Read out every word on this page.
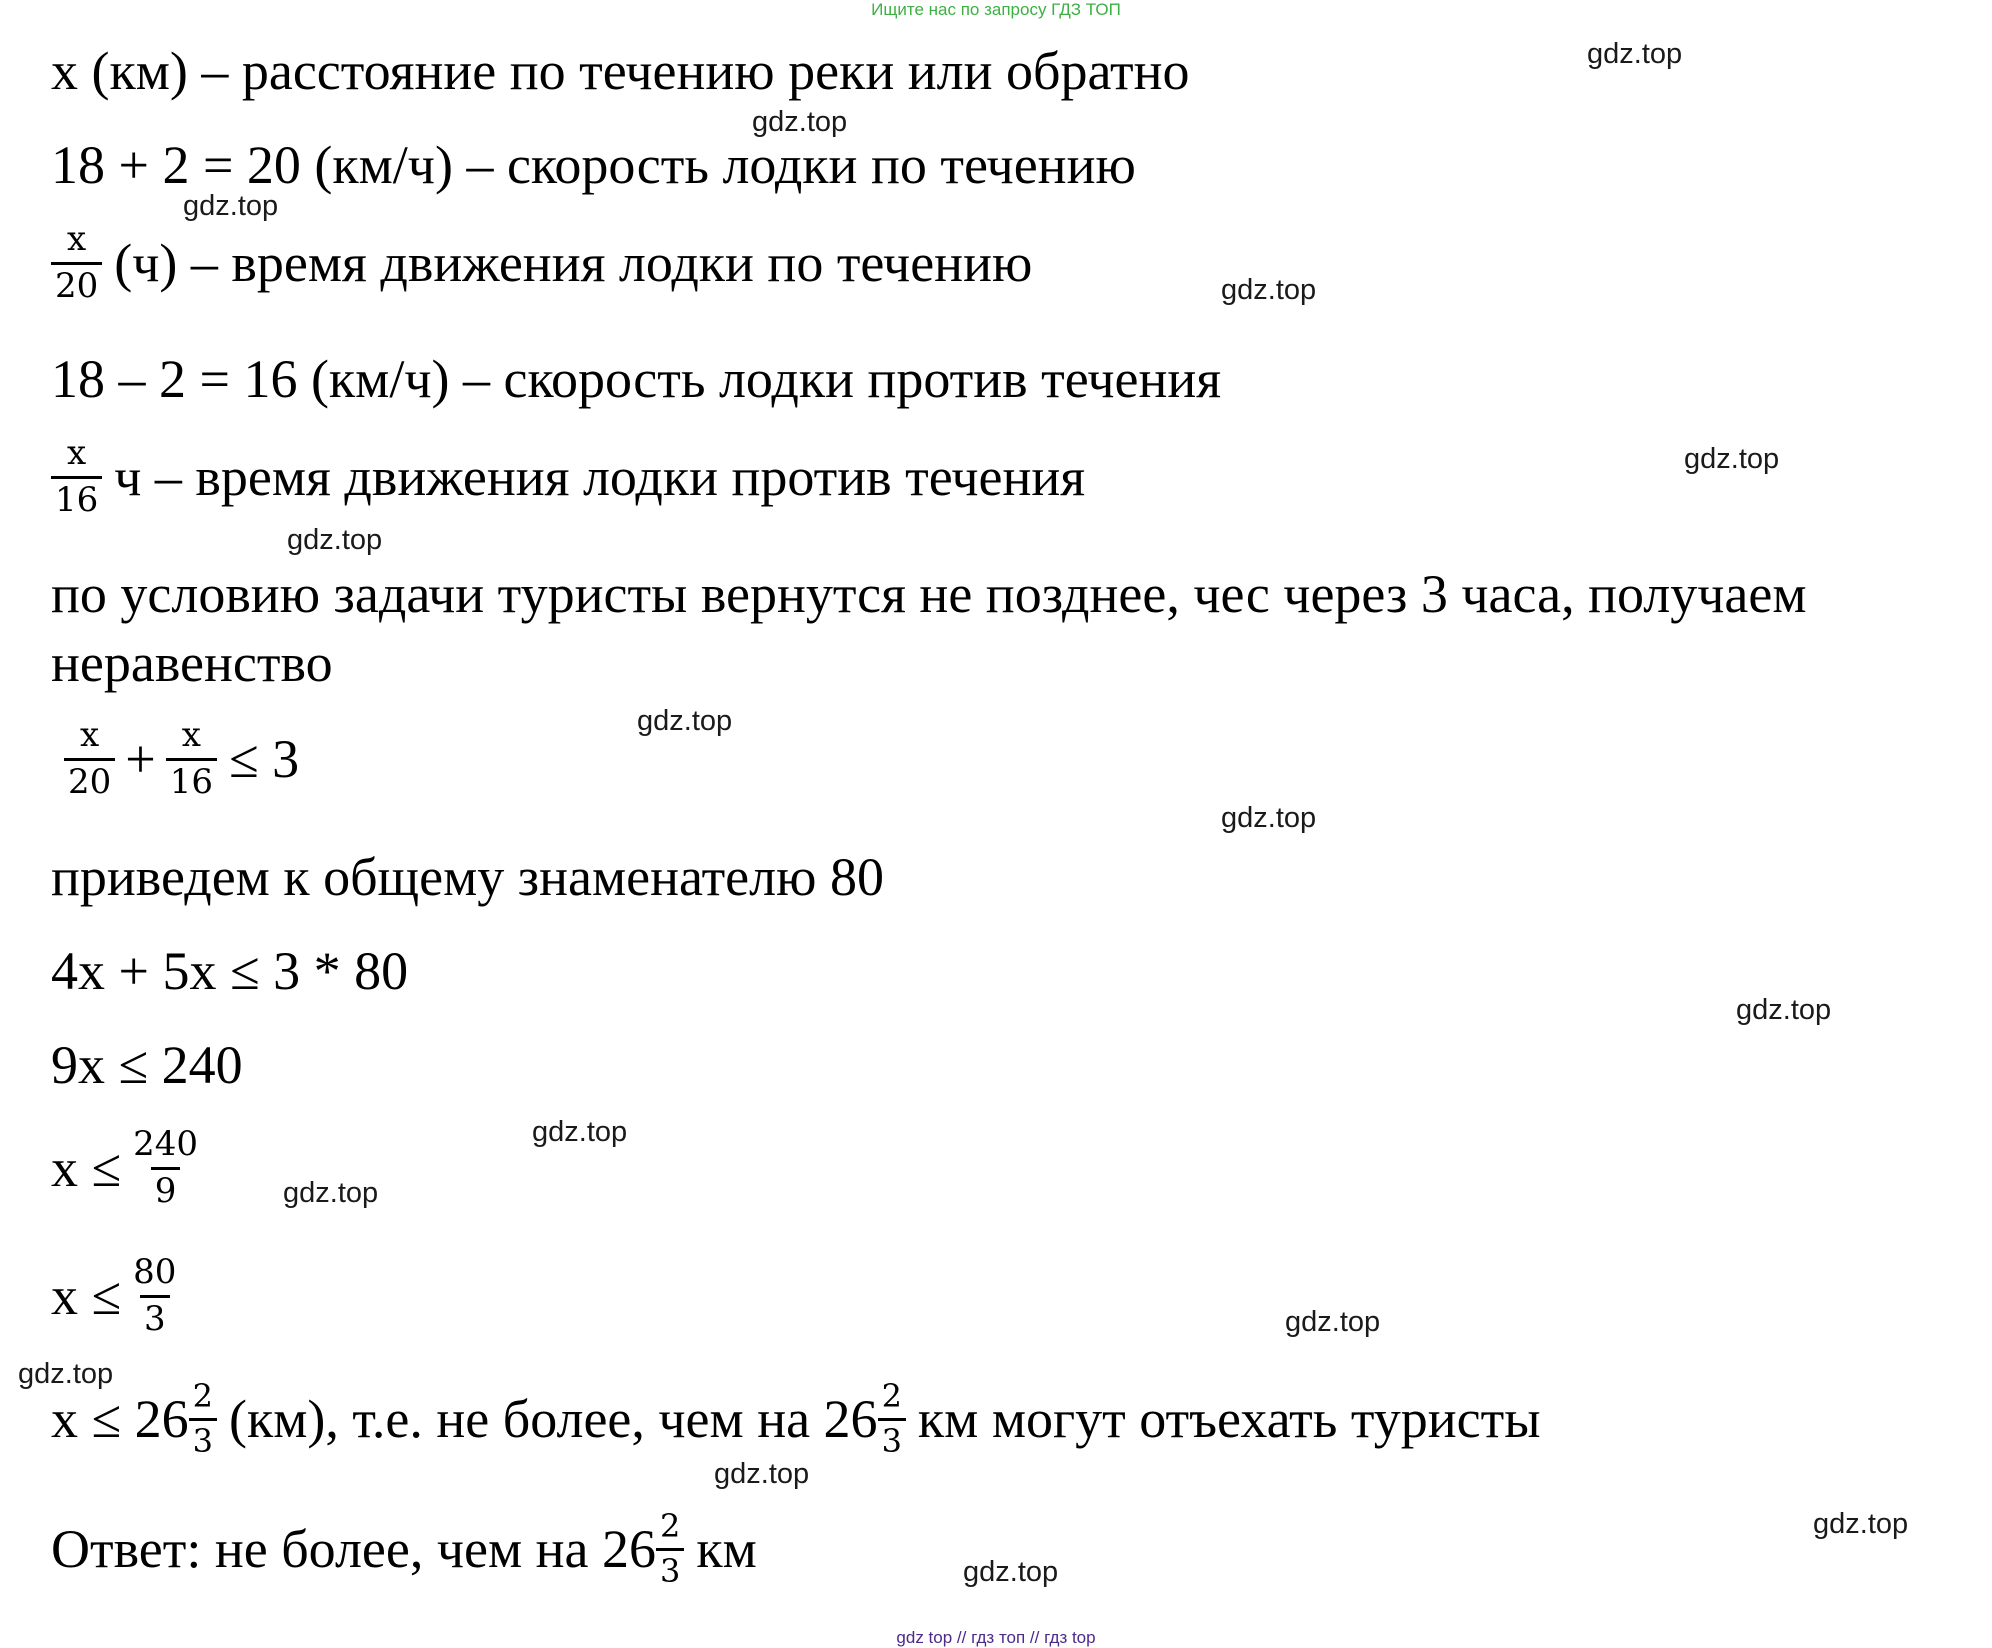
Ищите нас по запросу ГДЗ ТОП
x (км) – расстояние по течению реки или обратно
18 + 2 = 20 (км/ч) – скорость лодки по течению
$\frac{x}{20} (ч)$ – время движения лодки по течению
18 – 2 = 16 (км/ч) – скорость лодки против течения
$\frac{x}{16}$ ч – время движения лодки против течения
по условию задачи туристы вернутся не позднее, чес через 3 часа, получаем
неравенство
$\frac{x}{20} + \frac{x}{16} \le 3$
приведем к общему знаменателю 80
4x + 5x ≤ 3 * 80
9x ≤ 240
$x \le \frac{240}{9}$
$x \le \frac{80}{3}$
$x \le 26 \frac{2}{3} (км)$, т.е. не более, чем на $26 \frac{2}{3}$ км могут отъехать туристы
Ответ: не более, чем на $26 \frac{2}{3}$ км
gdz.top
gdz.top
gdz.top
gdz.top
gdz.top
gdz.top
gdz.top
gdz.top
gdz.top
gdz.top
gdz.top
gdz.top
gdz.top
gdz.top
gdz.top
gdz.top
gdz top // гдз топ // гдз top
